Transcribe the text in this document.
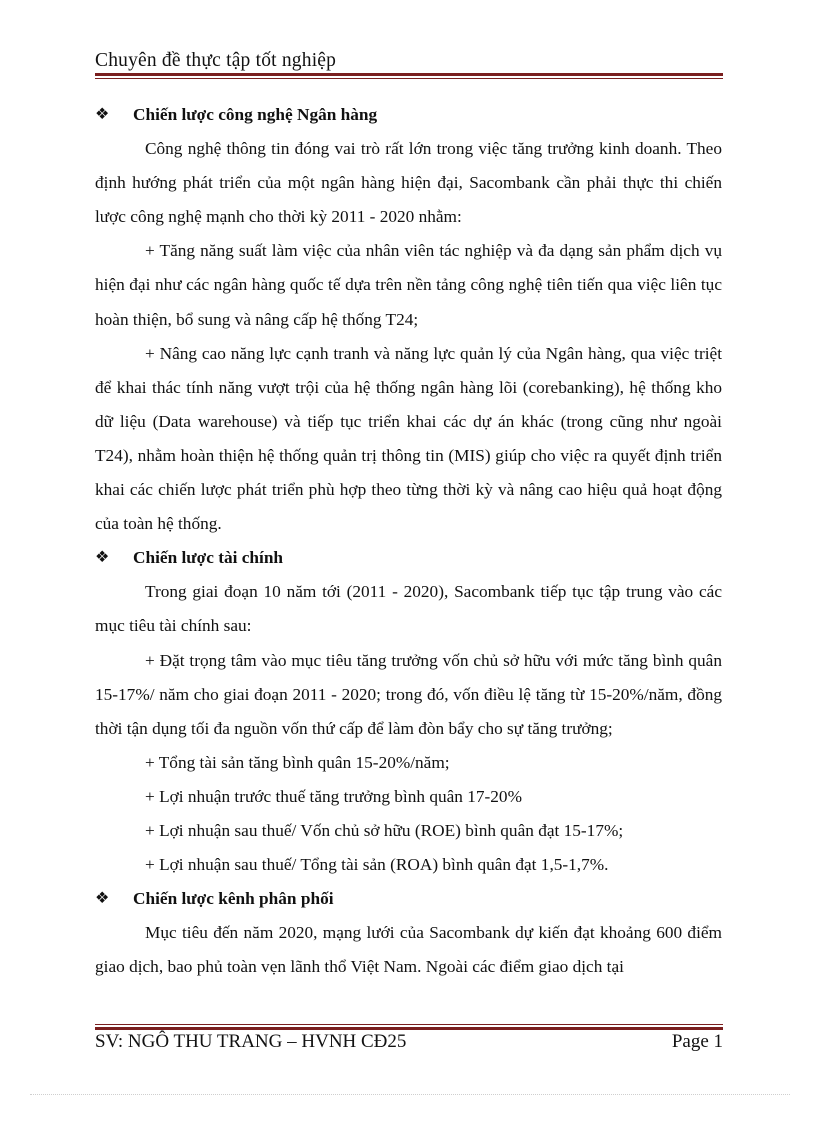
Chuyên đề thực tập tốt nghiệp
❖	Chiến lược công nghệ Ngân hàng

Công nghệ thông tin đóng vai trò rất lớn trong việc tăng trưởng kinh doanh. Theo định hướng phát triển của một ngân hàng hiện đại, Sacombank cần phải thực thi chiến lược công nghệ mạnh cho thời kỳ 2011 - 2020 nhằm:

+ Tăng năng suất làm việc của nhân viên tác nghiệp và đa dạng sản phẩm dịch vụ hiện đại như các ngân hàng quốc tế dựa trên nền tảng công nghệ tiên tiến qua việc liên tục hoàn thiện, bổ sung và nâng cấp hệ thống T24;

+ Nâng cao năng lực cạnh tranh và năng lực quản lý của Ngân hàng, qua việc triệt để khai thác tính năng vượt trội của hệ thống ngân hàng lõi (corebanking), hệ thống kho dữ liệu (Data warehouse) và tiếp tục triển khai các dự án khác (trong cũng như ngoài T24), nhằm hoàn thiện hệ thống quản trị thông tin (MIS) giúp cho việc ra quyết định triển khai các chiến lược phát triển phù hợp theo từng thời kỳ và nâng cao hiệu quả hoạt động của toàn hệ thống.

❖	Chiến lược tài chính

Trong giai đoạn 10 năm tới (2011 - 2020), Sacombank tiếp tục tập trung vào các mục tiêu tài chính sau:

+ Đặt trọng tâm vào mục tiêu tăng trưởng vốn chủ sở hữu với mức tăng bình quân 15-17%/ năm cho giai đoạn 2011 - 2020; trong đó, vốn điều lệ tăng từ 15-20%/năm, đồng thời tận dụng tối đa nguồn vốn thứ cấp để làm đòn bẩy cho sự tăng trưởng;

+ Tổng tài sản tăng bình quân 15-20%/năm;

+ Lợi nhuận trước thuế tăng trưởng bình quân 17-20%

+ Lợi nhuận sau thuế/ Vốn chủ sở hữu (ROE) bình quân đạt 15-17%;

+ Lợi nhuận sau thuế/ Tổng tài sản (ROA) bình quân đạt 1,5-1,7%.

❖	Chiến lược kênh phân phối

Mục tiêu đến năm 2020, mạng lưới của Sacombank dự kiến đạt khoảng 600 điểm giao dịch, bao phủ toàn vẹn lãnh thổ Việt Nam. Ngoài các điểm giao dịch tại

SV: NGÔ THU TRANG – HVNH CĐ25	Page 1
